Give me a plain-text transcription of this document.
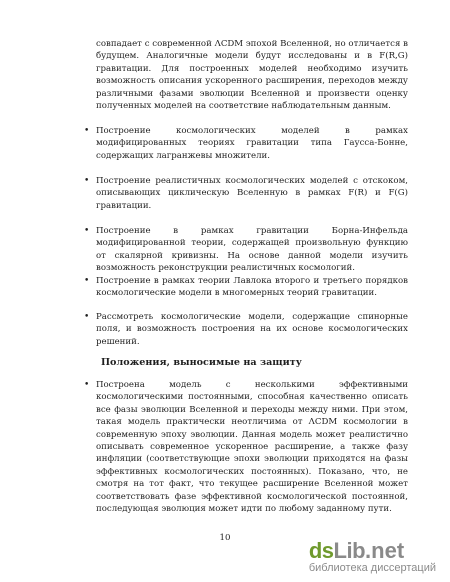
совпадает с современной ΛCDM эпохой Вселенной, но отличается в будущем. Аналогичные модели будут исследованы и в F(R,G) гравитации. Для построенных моделей необходимо изучить возможность описания ускоренного расширения, переходов между различными фазами эволюции Вселенной и произвести оценку полученных моделей на соответствие наблюдательным данным.
• Построение космологических моделей в рамках модифицированных теориях гравитации типа Гаусса-Бонне, содержащих лагранжевы множители.
• Построение реалистичных космологических моделей с отскоком, описывающих циклическую Вселенную в рамках F(R) и F(G) гравитации.
• Построение в рамках гравитации Борна-Инфельда модифицированной теории, содержащей произвольную функцию от скалярной кривизны. На основе данной модели изучить возможность реконструкции реалистичных космологий.
• Построение в рамках теории Лавлока второго и третьего порядков космологические модели в многомерных теорий гравитации.
• Рассмотреть космологические модели, содержащие спинорные поля, и возможность построения на их основе космологических решений.
Положения, выносимые на защиту
• Построена модель с несколькими эффективными космологическими постоянными, способная качественно описать все фазы эволюции Вселенной и переходы между ними. При этом, такая модель практически неотличима от ΛCDM космологии в современную эпоху эволюции. Данная модель может реалистично описывать современное ускоренное расширение, а также фазу инфляции (соответствующие эпохи эволюции приходятся на фазы эффективных космологических постоянных). Показано, что, не смотря на тот факт, что текущее расширение Вселенной может соответствовать фазе эффективной космологической постоянной, последующая эволюция может идти по любому заданному пути.
10	ds Lib .net
библиотека диссертаций
